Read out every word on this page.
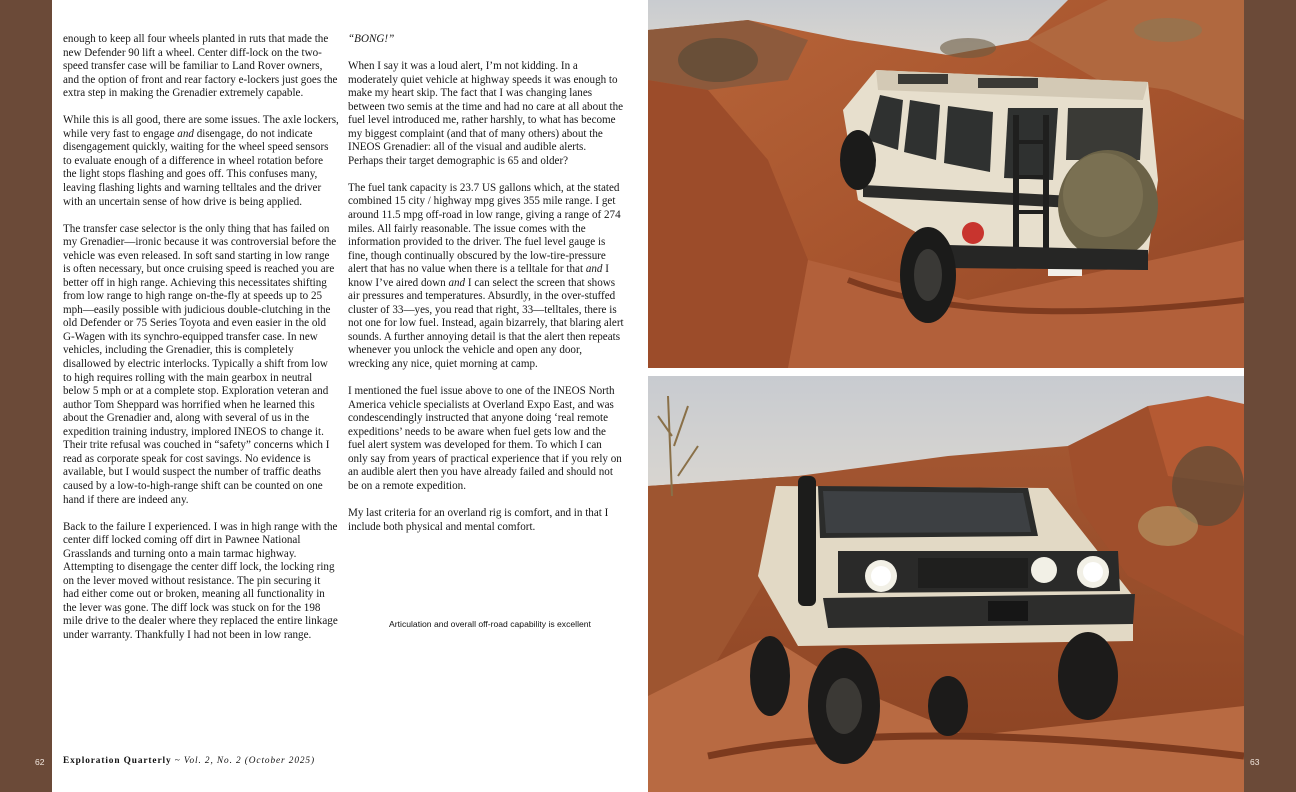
enough to keep all four wheels planted in ruts that made the new Defender 90 lift a wheel. Center diff-lock on the two-speed transfer case will be familiar to Land Rover owners, and the option of front and rear factory e-lockers just goes the extra step in making the Grenadier extremely capable.

While this is all good, there are some issues. The axle lockers, while very fast to engage and disengage, do not indicate disengagement quickly, waiting for the wheel speed sensors to evaluate enough of a difference in wheel rotation before the light stops flashing and goes off. This confuses many, leaving flashing lights and warning telltales and the driver with an uncertain sense of how drive is being applied.

The transfer case selector is the only thing that has failed on my Grenadier—ironic because it was controversial before the vehicle was even released. In soft sand starting in low range is often necessary, but once cruising speed is reached you are better off in high range. Achieving this necessitates shifting from low range to high range on-the-fly at speeds up to 25 mph—easily possible with judicious double-clutching in the old Defender or 75 Series Toyota and even easier in the old G-Wagen with its synchro-equipped transfer case. In new vehicles, including the Grenadier, this is completely disallowed by electric interlocks. Typically a shift from low to high requires rolling with the main gearbox in neutral below 5 mph or at a complete stop. Exploration veteran and author Tom Sheppard was horrified when he learned this about the Grenadier and, along with several of us in the expedition training industry, implored INEOS to change it. Their trite refusal was couched in “safety” concerns which I read as corporate speak for cost savings. No evidence is available, but I would suspect the number of traffic deaths caused by a low-to-high-range shift can be counted on one hand if there are indeed any.

Back to the failure I experienced. I was in high range with the center diff locked coming off dirt in Pawnee National Grasslands and turning onto a main tarmac highway. Attempting to disengage the center diff lock, the locking ring on the lever moved without resistance. The pin securing it had either come out or broken, meaning all functionality in the lever was gone. The diff lock was stuck on for the 198 mile drive to the dealer where they replaced the entire linkage under warranty. Thankfully I had not been in low range.

“BONG!”

When I say it was a loud alert, I’m not kidding. In a moderately quiet vehicle at highway speeds it was enough to make my heart skip. The fact that I was changing lanes between two semis at the time and had no care at all about the fuel level introduced me, rather harshly, to what has become my biggest complaint (and that of many others) about the INEOS Grenadier: all of the visual and audible alerts. Perhaps their target demographic is 65 and older?

The fuel tank capacity is 23.7 US gallons which, at the stated combined 15 city / highway mpg gives 355 mile range. I get around 11.5 mpg off-road in low range, giving a range of 274 miles. All fairly reasonable. The issue comes with the information provided to the driver. The fuel level gauge is fine, though continually obscured by the low-tire-pressure alert that has no value when there is a telltale for that and I know I’ve aired down and I can select the screen that shows air pressures and temperatures. Absurdly, in the over-stuffed cluster of 33—yes, you read that right, 33—telltales, there is not one for low fuel. Instead, again bizarrely, that blaring alert sounds. A further annoying detail is that the alert then repeats whenever you unlock the vehicle and open any door, wrecking any nice, quiet morning at camp.

I mentioned the fuel issue above to one of the INEOS North America vehicle specialists at Overland Expo East, and was condescendingly instructed that anyone doing ‘real remote expeditions’ needs to be aware when fuel gets low and the fuel alert system was developed for them. To which I can only say from years of practical experience that if you rely on an audible alert then you have already failed and should not be on a remote expedition.

My last criteria for an overland rig is comfort, and in that I include both physical and mental comfort.

Articulation and overall off-road capability is excellent
62	63
Exploration Quarterly ~ Vol. 2, No. 2 (October 2025)
